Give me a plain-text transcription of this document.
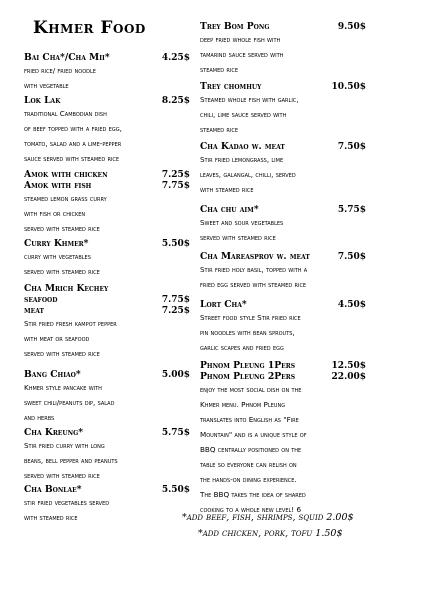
Khmer Food
Bai Cha*/Cha Mii*	4.25$
fried rice/ fried noodle
with vegetable
Lok Lak	8.25$
traditional Cambodian dish
of beef topped with a fried egg,
tomato, salad and a lime-pepper
sauce served with steamed rice
Amok with chicken	7.25$
Amok with fish	7.75$
steamed lemon grass curry
with fish or chicken
served with steamed rice
Curry Khmer*	5.50$
curry with vegetables
served with steamed rice
Cha Mrich Kechey
seafood	7.75$
meat	7.25$
Stir fried fresh kampot pepper
with meat or seafood
served with steamed rice
Bang Chiao*	5.00$
Khmer style pancake with
sweet chili/peanuts dip, salad
and herbs
Cha Kreung*	5.75$
Stir fried curry with long
beans, bell pepper and peanuts
served with steamed rice
Cha Bonlae*	5.50$
stir fried vegetables served
with steamed rice
Trey Bom Pong	9.50$
deep fried whole fish with
tamarind sauce served with
steamed rice
Trey chomhuy	10.50$
Steamed whole fish with garlic,
chili, lime sauce served with
steamed rice
Cha Kadao w. meat	7.50$
Stir fried lemongrass, lime
leaves, galangal, chilli, served
with steamed rice
Cha chu aim*	5.75$
Sweet and sour vegetables
served with steamed rice
Cha Mareasprov w. meat	7.50$
Stir fried holy basil, topped with a
fried egg served with steamed rice
Lort Cha*	4.50$
Street food style Stir fried rice
pin noodles with bean sprouts,
garlic scapes and fried egg
Phnom Pleung 1Pers	12.50$
Phnom Pleung 2Pers	22.00$
enjoy the most social dish on the
Khmer menu. Phnom Pleung
translates into English as "Fire
Mountain" and is a unique style of
BBQ centrally positioned on the
table so everyone can relish on
the hands-on dining experience.
The BBQ takes the idea of shared
cooking to a whole new level! 6
*add beef, fish, shrimps, squid 2.00$
*add chicken, pork, tofu 1.50$
